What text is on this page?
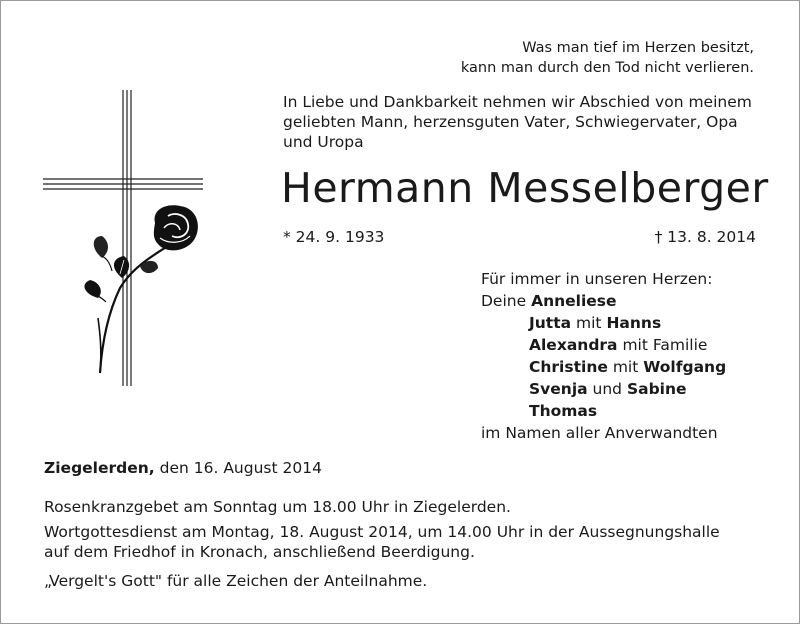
Was man tief im Herzen besitzt,
kann man durch den Tod nicht verlieren.
In Liebe und Dankbarkeit nehmen wir Abschied von meinem geliebten Mann, herzensguten Vater, Schwiegervater, Opa und Uropa
Hermann Messelberger
* 24. 9. 1933	† 13. 8. 2014
Für immer in unseren Herzen:
Deine Anneliese
Jutta mit Hanns
Alexandra mit Familie
Christine mit Wolfgang
Svenja und Sabine
Thomas
im Namen aller Anverwandten
Ziegelerden, den 16. August 2014
Rosenkranzgebet am Sonntag um 18.00 Uhr in Ziegelerden.
Wortgottesdienst am Montag, 18. August 2014, um 14.00 Uhr in der Aussegnungshalle
auf dem Friedhof in Kronach, anschließend Beerdigung.
„Vergelt's Gott" für alle Zeichen der Anteilnahme.
